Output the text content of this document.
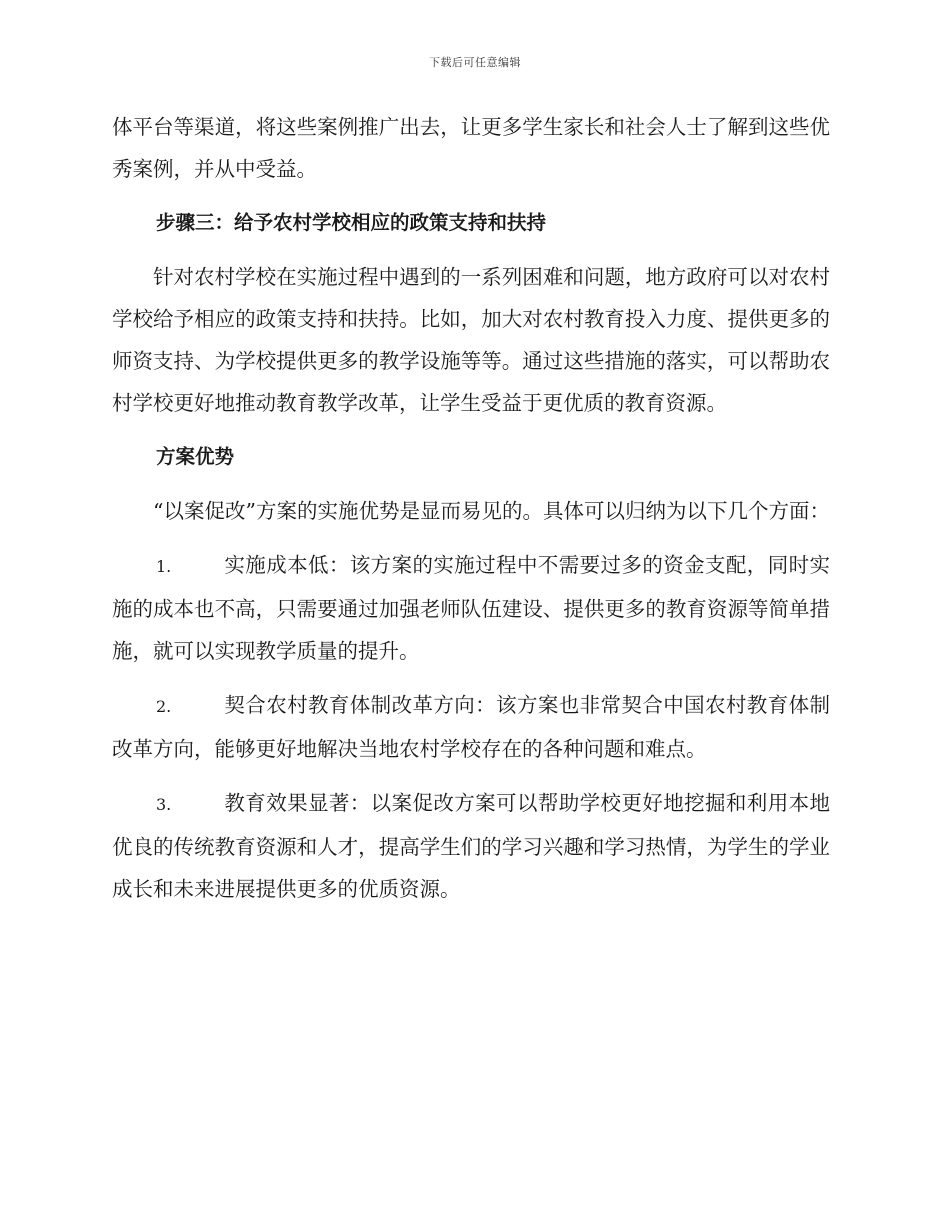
下载后可任意编辑

体平台等渠道，将这些案例推广出去，让更多学生家长和社会人士了解到这些优秀案例，并从中受益。

步骤三：给予农村学校相应的政策支持和扶持

针对农村学校在实施过程中遇到的一系列困难和问题，地方政府可以对农村学校给予相应的政策支持和扶持。比如，加大对农村教育投入力度、提供更多的师资支持、为学校提供更多的教学设施等等。通过这些措施的落实，可以帮助农村学校更好地推动教育教学改革，让学生受益于更优质的教育资源。

方案优势

“以案促改”方案的实施优势是显而易见的。具体可以归纳为以下几个方面：

1.	实施成本低：该方案的实施过程中不需要过多的资金支配，同时实施的成本也不高，只需要通过加强老师队伍建设、提供更多的教育资源等简单措施，就可以实现教学质量的提升。

2.	契合农村教育体制改革方向：该方案也非常契合中国农村教育体制改革方向，能够更好地解决当地农村学校存在的各种问题和难点。

3.	教育效果显著：以案促改方案可以帮助学校更好地挖掘和利用本地优良的传统教育资源和人才，提高学生们的学习兴趣和学习热情，为学生的学业成长和未来进展提供更多的优质资源。
